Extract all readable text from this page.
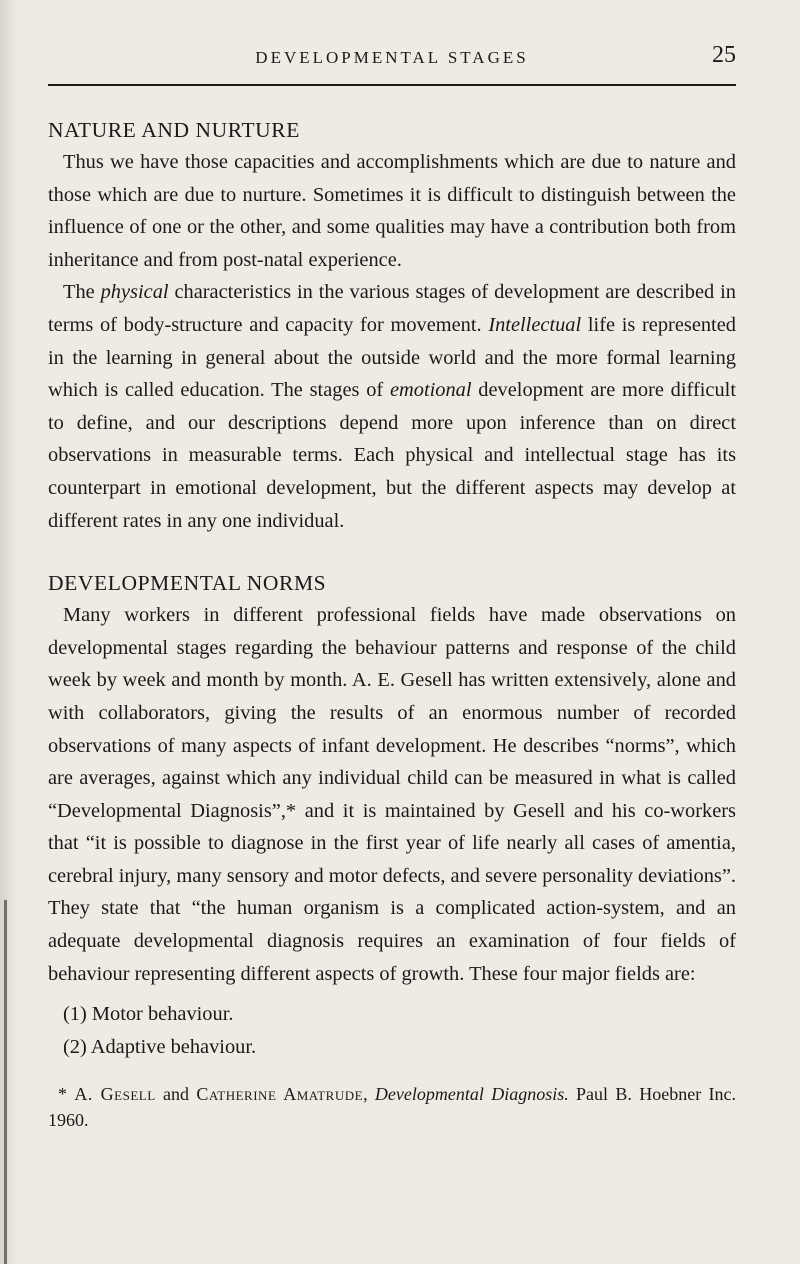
DEVELOPMENTAL STAGES	25
NATURE AND NURTURE

Thus we have those capacities and accomplishments which are due to nature and those which are due to nurture. Sometimes it is difficult to distinguish between the influence of one or the other, and some qualities may have a contribution both from inheritance and from post-natal experience.

The physical characteristics in the various stages of development are described in terms of body-structure and capacity for movement. Intellectual life is represented in the learning in general about the outside world and the more formal learning which is called education. The stages of emotional development are more difficult to define, and our descriptions depend more upon inference than on direct observations in measurable terms. Each physical and intellectual stage has its counterpart in emotional development, but the different aspects may develop at different rates in any one individual.

DEVELOPMENTAL NORMS

Many workers in different professional fields have made observations on developmental stages regarding the behaviour patterns and response of the child week by week and month by month. A. E. Gesell has written extensively, alone and with collaborators, giving the results of an enormous number of recorded observations of many aspects of infant development. He describes “norms”, which are averages, against which any individual child can be measured in what is called “Developmental Diagnosis”,* and it is maintained by Gesell and his co-workers that “it is possible to diagnose in the first year of life nearly all cases of amentia, cerebral injury, many sensory and motor defects, and severe personality deviations”. They state that “the human organism is a complicated action-system, and an adequate developmental diagnosis requires an examination of four fields of behaviour representing different aspects of growth. These four major fields are:

(1) Motor behaviour.
(2) Adaptive behaviour.

* A. Gesell and Catherine Amatrude, Developmental Diagnosis. Paul B. Hoebner Inc. 1960.
